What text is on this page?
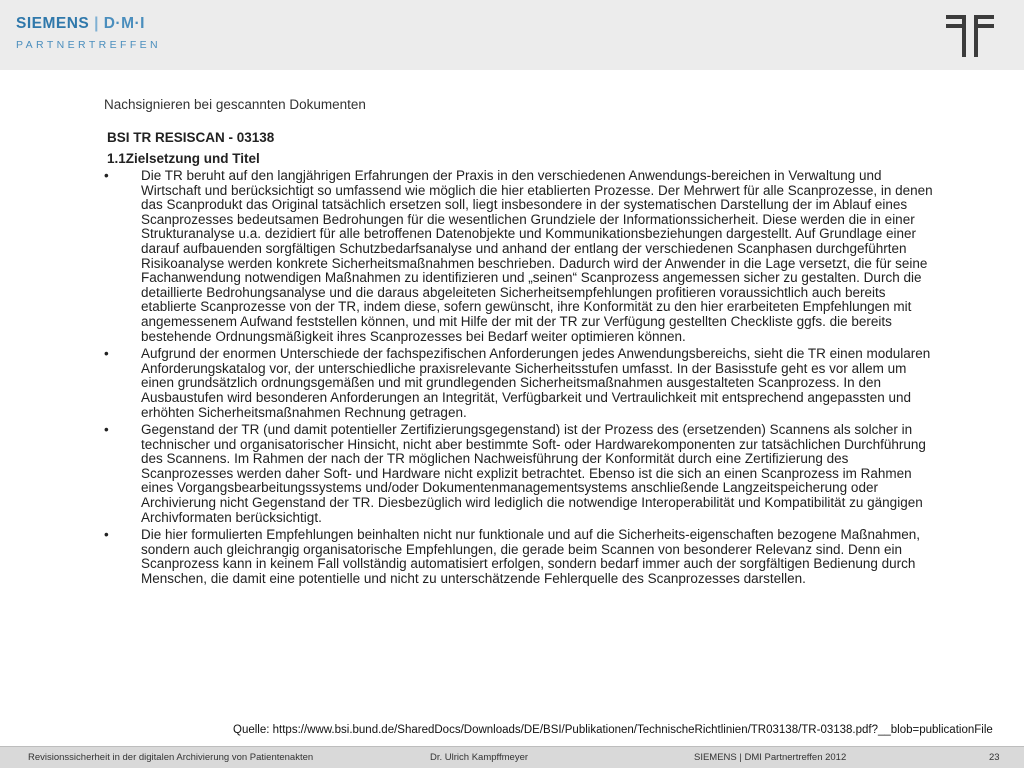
SIEMENS | D·M·I
PARTNERTREFFEN
Nachsignieren bei gescannten Dokumenten
BSI TR RESISCAN - 03138
1.1Zielsetzung und Titel
•	Die TR beruht auf den langjährigen Erfahrungen der Praxis in den verschiedenen Anwendungs-bereichen in Verwaltung und Wirtschaft und berücksichtigt so umfassend wie möglich die hier etablierten Prozesse. Der Mehrwert für alle Scanprozesse, in denen das Scanprodukt das Original tatsächlich ersetzen soll, liegt insbesondere in der systematischen Darstellung der im Ablauf eines Scanprozesses bedeutsamen Bedrohungen für die wesentlichen Grundziele der Informationssicherheit. Diese werden die in einer Strukturanalyse u.a. dezidiert für alle betroffenen Datenobjekte und Kommunikationsbeziehungen dargestellt. Auf Grundlage einer darauf aufbauenden sorgfältigen Schutzbedarfsanalyse und anhand der entlang der verschiedenen Scanphasen durchgeführten Risikoanalyse werden konkrete Sicherheitsmaßnahmen beschrieben. Dadurch wird der Anwender in die Lage versetzt, die für seine Fachanwendung notwendigen Maßnahmen zu identifizieren und „seinen“ Scanprozess angemessen sicher zu gestalten. Durch die detaillierte Bedrohungsanalyse und die daraus abgeleiteten Sicherheitsempfehlungen profitieren voraussichtlich auch bereits etablierte Scanprozesse von der TR, indem diese, sofern gewünscht, ihre Konformität zu den hier erarbeiteten Empfehlungen mit angemessenem Aufwand feststellen können, und mit Hilfe der mit der TR zur Verfügung gestellten Checkliste ggfs. die bereits bestehende Ordnungsmäßigkeit ihres Scanprozesses bei Bedarf weiter optimieren können.
•	Aufgrund der enormen Unterschiede der fachspezifischen Anforderungen jedes Anwendungsbereichs, sieht die TR einen modularen Anforderungskatalog vor, der unterschiedliche praxisrelevante Sicherheitsstufen umfasst. In der Basisstufe geht es vor allem um einen grundsätzlich ordnungsgemäßen und mit grundlegenden Sicherheitsmaßnahmen ausgestalteten Scanprozess. In den Ausbaustufen wird besonderen Anforderungen an Integrität, Verfügbarkeit und Vertraulichkeit mit entsprechend angepassten und erhöhten Sicherheitsmaßnahmen Rechnung getragen.
•	Gegenstand der TR (und damit potentieller Zertifizierungsgegenstand) ist der Prozess des (ersetzenden) Scannens als solcher in technischer und organisatorischer Hinsicht, nicht aber bestimmte Soft- oder Hardwarekomponenten zur tatsächlichen Durchführung des Scannens. Im Rahmen der nach der TR möglichen Nachweisführung der Konformität durch eine Zertifizierung des Scanprozesses werden daher Soft- und Hardware nicht explizit betrachtet. Ebenso ist die sich an einen Scanprozess im Rahmen eines Vorgangsbearbeitungssystems und/oder Dokumentenmanagementsystems anschließende Langzeitspeicherung oder Archivierung nicht Gegenstand der TR. Diesbezüglich wird lediglich die notwendige Interoperabilität und Kompatibilität zu gängigen Archivformaten berücksichtigt.
•	Die hier formulierten Empfehlungen beinhalten nicht nur funktionale und auf die Sicherheits-eigenschaften bezogene Maßnahmen, sondern auch gleichrangig organisatorische Empfehlungen, die gerade beim Scannen von besonderer Relevanz sind. Denn ein Scanprozess kann in keinem Fall vollständig automatisiert erfolgen, sondern bedarf immer auch der sorgfältigen Bedienung durch Menschen, die damit eine potentielle und nicht zu unterschätzende Fehlerquelle des Scanprozesses darstellen.
Quelle: https://www.bsi.bund.de/SharedDocs/Downloads/DE/BSI/Publikationen/TechnischeRichtlinien/TR03138/TR-03138.pdf?__blob=publicationFile
Revisionssicherheit in der digitalen Archivierung von Patientenakten	Dr. Ulrich Kampffmeyer	SIEMENS | DMI Partnertreffen 2012	23
